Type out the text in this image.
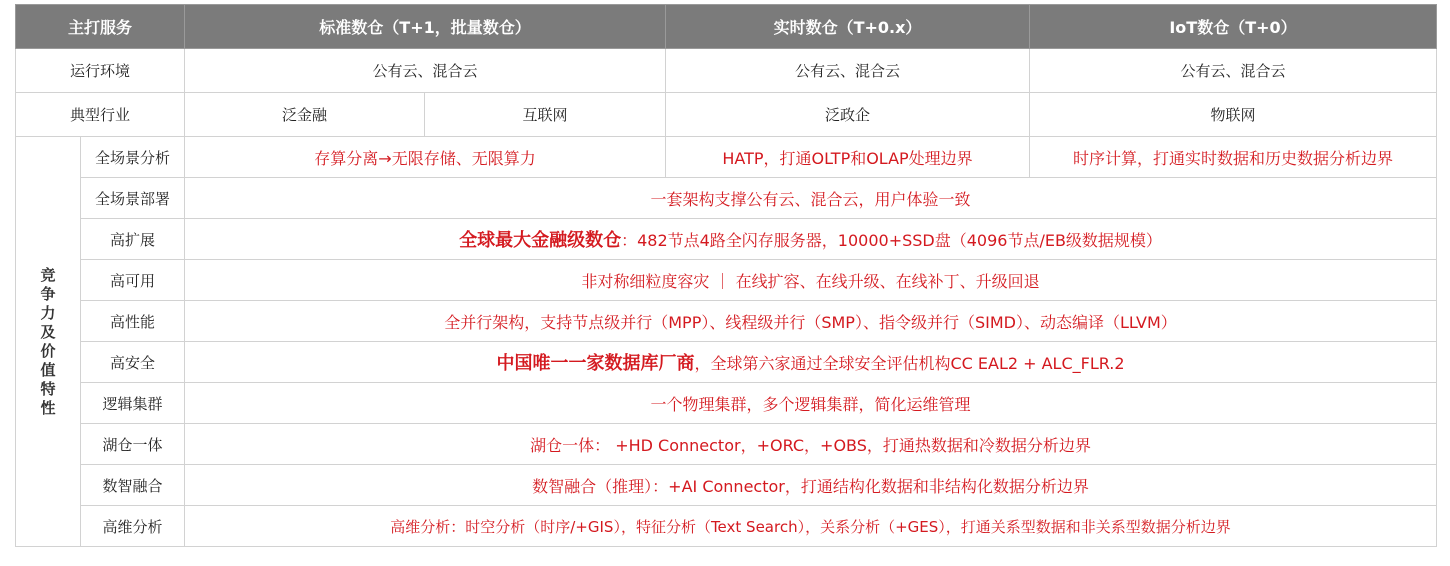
主打服务		标准数仓（T+1，批量数仓）		实时数仓（T+0.x）	IoT数仓（T+0）
运行环境		公有云、混合云		公有云、混合云	公有云、混合云
典型行业		泛金融	互联网	泛政企	物联网

竞争力及价值特性	全场景分析	存算分离→无限存储、无限算力		HATP，打通OLTP和OLAP处理边界	时序计算，打通实时数据和历史数据分析边界
	全场景部署	一套架构支撑公有云、混合云，用户体验一致			
	高扩展	全球最大金融级数仓：482节点4路全闪存服务器，10000+SSD盘（4096节点/EB级数据规模）			
	高可用	非对称细粒度容灾 ｜ 在线扩容、在线升级、在线补丁、升级回退			
	高性能	全并行架构，支持节点级并行（MPP）、线程级并行（SMP）、指令级并行（SIMD）、动态编译（LLVM）			
	高安全	中国唯一一家数据库厂商，全球第六家通过全球安全评估机构CC EAL2 + ALC_FLR.2			
	逻辑集群	一个物理集群，多个逻辑集群，简化运维管理			
	湖仓一体	湖仓一体： +HD Connector，+ORC，+OBS，打通热数据和冷数据分析边界			
	数智融合	数智融合（推理）：+AI Connector，打通结构化数据和非结构化数据分析边界			
	高维分析	高维分析：时空分析（时序/+GIS），特征分析（Text Search），关系分析（+GES），打通关系型数据和非关系型数据分析边界			
